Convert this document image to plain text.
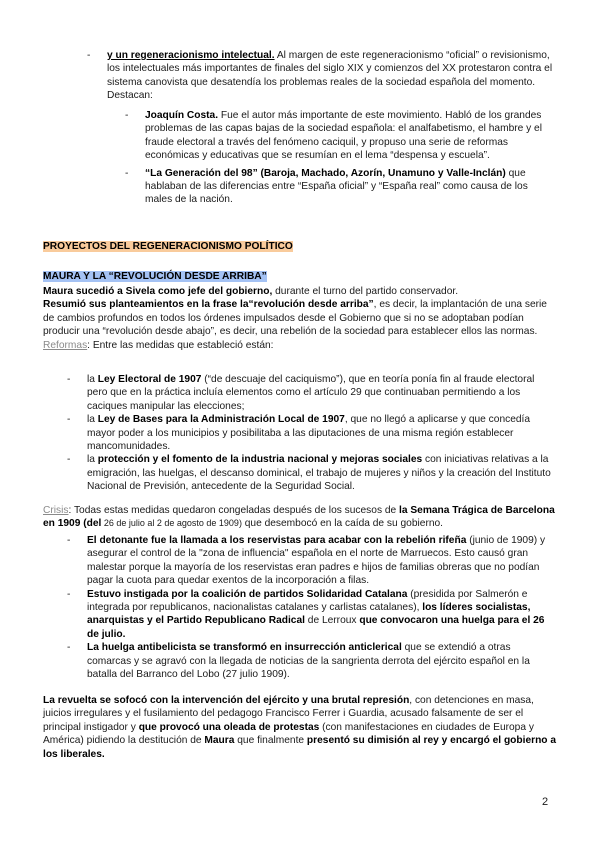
- y un regeneracionismo intelectual. Al margen de este regeneracionismo “oficial” o revisionismo, los intelectuales más importantes de finales del siglo XIX y comienzos del XX protestaron contra el sistema canovista que desatendía los problemas reales de la sociedad española del momento. Destacan:
- Joaquín Costa. Fue el autor más importante de este movimiento. Habló de los grandes problemas de las capas bajas de la sociedad española: el analfabetismo, el hambre y el fraude electoral a través del fenómeno caciquil, y propuso una serie de reformas económicas y educativas que se resumían en el lema “despensa y escuela”.
- “La Generación del 98” (Baroja, Machado, Azorín, Unamuno y Valle-Inclán) que hablaban de las diferencias entre “España oficial” y “España real” como causa de los males de la nación.
PROYECTOS DEL REGENERACIONISMO POLÍTICO
MAURA Y LA “REVOLUCIÓN DESDE ARRIBA”
Maura sucedió a Sivela como jefe del gobierno, durante el turno del partido conservador.
Resumió sus planteamientos en la frase la“revolución desde arriba”, es decir, la implantación de una serie de cambios profundos en todos los órdenes impulsados desde el Gobierno que si no se adoptaban podían producir una “revolución desde abajo”, es decir, una rebelión de la sociedad para establecer ellos las normas.
Reformas: Entre las medidas que estableció están:
- la Ley Electoral de 1907 (“de descuaje del caciquismo”), que en teoría ponía fin al fraude electoral pero que en la práctica incluía elementos como el artículo 29 que continuaban permitiendo a los caciques manipular las elecciones;
- la Ley de Bases para la Administración Local de 1907, que no llegó a aplicarse y que concedía mayor poder a los municipios y posibilitaba a las diputaciones de una misma región establecer mancomunidades.
- la protección y el fomento de la industria nacional y mejoras sociales con iniciativas relativas a la emigración, las huelgas, el descanso dominical, el trabajo de mujeres y niños y la creación del Instituto Nacional de Previsión, antecedente de la Seguridad Social.
Crisis: Todas estas medidas quedaron congeladas después de los sucesos de la Semana Trágica de Barcelona en 1909 (del 26 de julio al 2 de agosto de 1909) que desembocó en la caída de su gobierno.
- El detonante fue la llamada a los reservistas para acabar con la rebelión rifeña (junio de 1909) y asegurar el control de la "zona de influencia" española en el norte de Marruecos. Esto causó gran malestar porque la mayoría de los reservistas eran padres e hijos de familias obreras que no podían pagar la cuota para quedar exentos de la incorporación a filas.
- Estuvo instigada por la coalición de partidos Solidaridad Catalana (presidida por Salmerón e integrada por republicanos, nacionalistas catalanes y carlistas catalanes), los líderes socialistas, anarquistas y el Partido Republicano Radical de Lerroux que convocaron una huelga para el 26 de julio.
- La huelga antibelicista se transformó en insurrección anticlerical que se extendió a otras comarcas y se agravó con la llegada de noticias de la sangrienta derrota del ejército español en la batalla del Barranco del Lobo (27 julio 1909).
La revuelta se sofocó con la intervención del ejército y una brutal represión, con detenciones en masa, juicios irregulares y el fusilamiento del pedagogo Francisco Ferrer i Guardia, acusado falsamente de ser el principal instigador y que provocó una oleada de protestas (con manifestaciones en ciudades de Europa y América) pidiendo la destitución de Maura que finalmente presentó su dimisión al rey y encargó el gobierno a los liberales.
2
